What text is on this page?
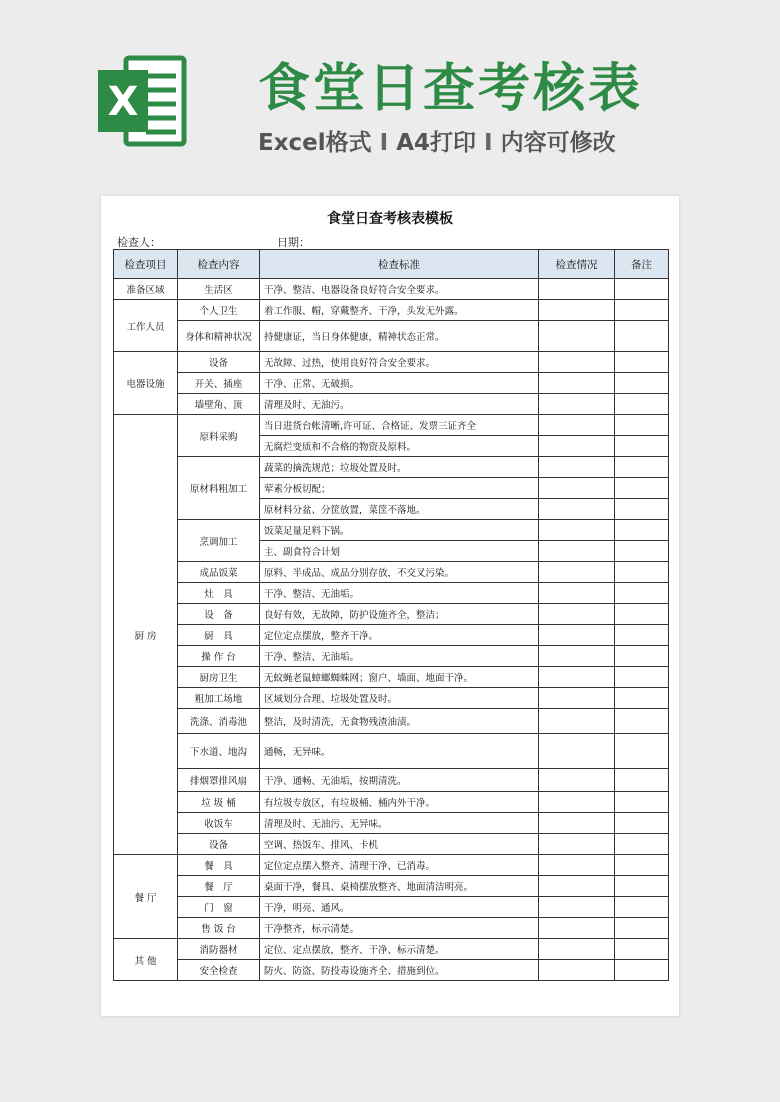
X 食堂日查考核表
Excel格式 I A4打印 I 内容可修改
食堂日查考核表模板
检查人：	日期：
检查项目	检查内容	检查标准	检查情况	备注
准备区域	生活区	干净、整洁、电器设备良好符合安全要求。		
工作人员	个人卫生	着工作服、帽，穿戴整齐、干净，头发无外露。		
	身体和精神状况	持健康证，当日身体健康，精神状态正常。		
电器设施	设备	无故障、过热，使用良好符合安全要求。		
	开关、插座	干净、正常、无破损。		
	墙壁角、顶	清理及时、无油污。		
厨 房	原料采购	当日进货台帐清晰,许可证、合格证、发票三证齐全		
		无腐烂变质和不合格的物资及原料。		
	原材料粗加工	蔬菜的摘洗规范；垃圾处置及时。		
		荤素分板切配；		
		原材料分盆、分筐放置，菜筐不落地。		
	烹调加工	饭菜足量足料下锅。		
		主、副食符合计划		
	成品饭菜	原料、半成品、成品分别存放，不交叉污染。		
	灶　具	干净、整洁、无油垢。		
	设　备	良好有效，无故障，防护设施齐全，整洁；		
	厨　具	定位定点摆放，整齐干净。		
	操 作 台	干净、整洁、无油垢。		
	厨房卫生	无蚊蝇老鼠蟑螂蜘蛛网；窗户、墙面、地面干净。		
	粗加工场地	区域划分合理、垃圾处置及时。		
	洗涤、消毒池	整洁，及时清洗，无食物残渣油渍。		
	下水道、地沟	通畅，无异味。		
	排烟罩排风扇	干净、通畅、无油垢，按期清洗。		
	垃 圾 桶	有垃圾专放区，有垃圾桶、桶内外干净。		
	收饭车	清理及时、无油污、无异味。		
	设备	空调、热饭车、排风、卡机		
餐 厅	餐　具	定位定点摆入整齐、清理干净、已消毒。		
	餐　厅	桌面干净，餐具、桌椅摆放整齐、地面清洁明亮。		
	门　窗	干净，明亮、通风。		
	售 饭 台	干净整齐，标示清楚。		
其 他	消防器材	定位、定点摆放，整齐、干净、标示清楚。		
	安全检查	防火、防盗、防投毒设施齐全、措施到位。		
